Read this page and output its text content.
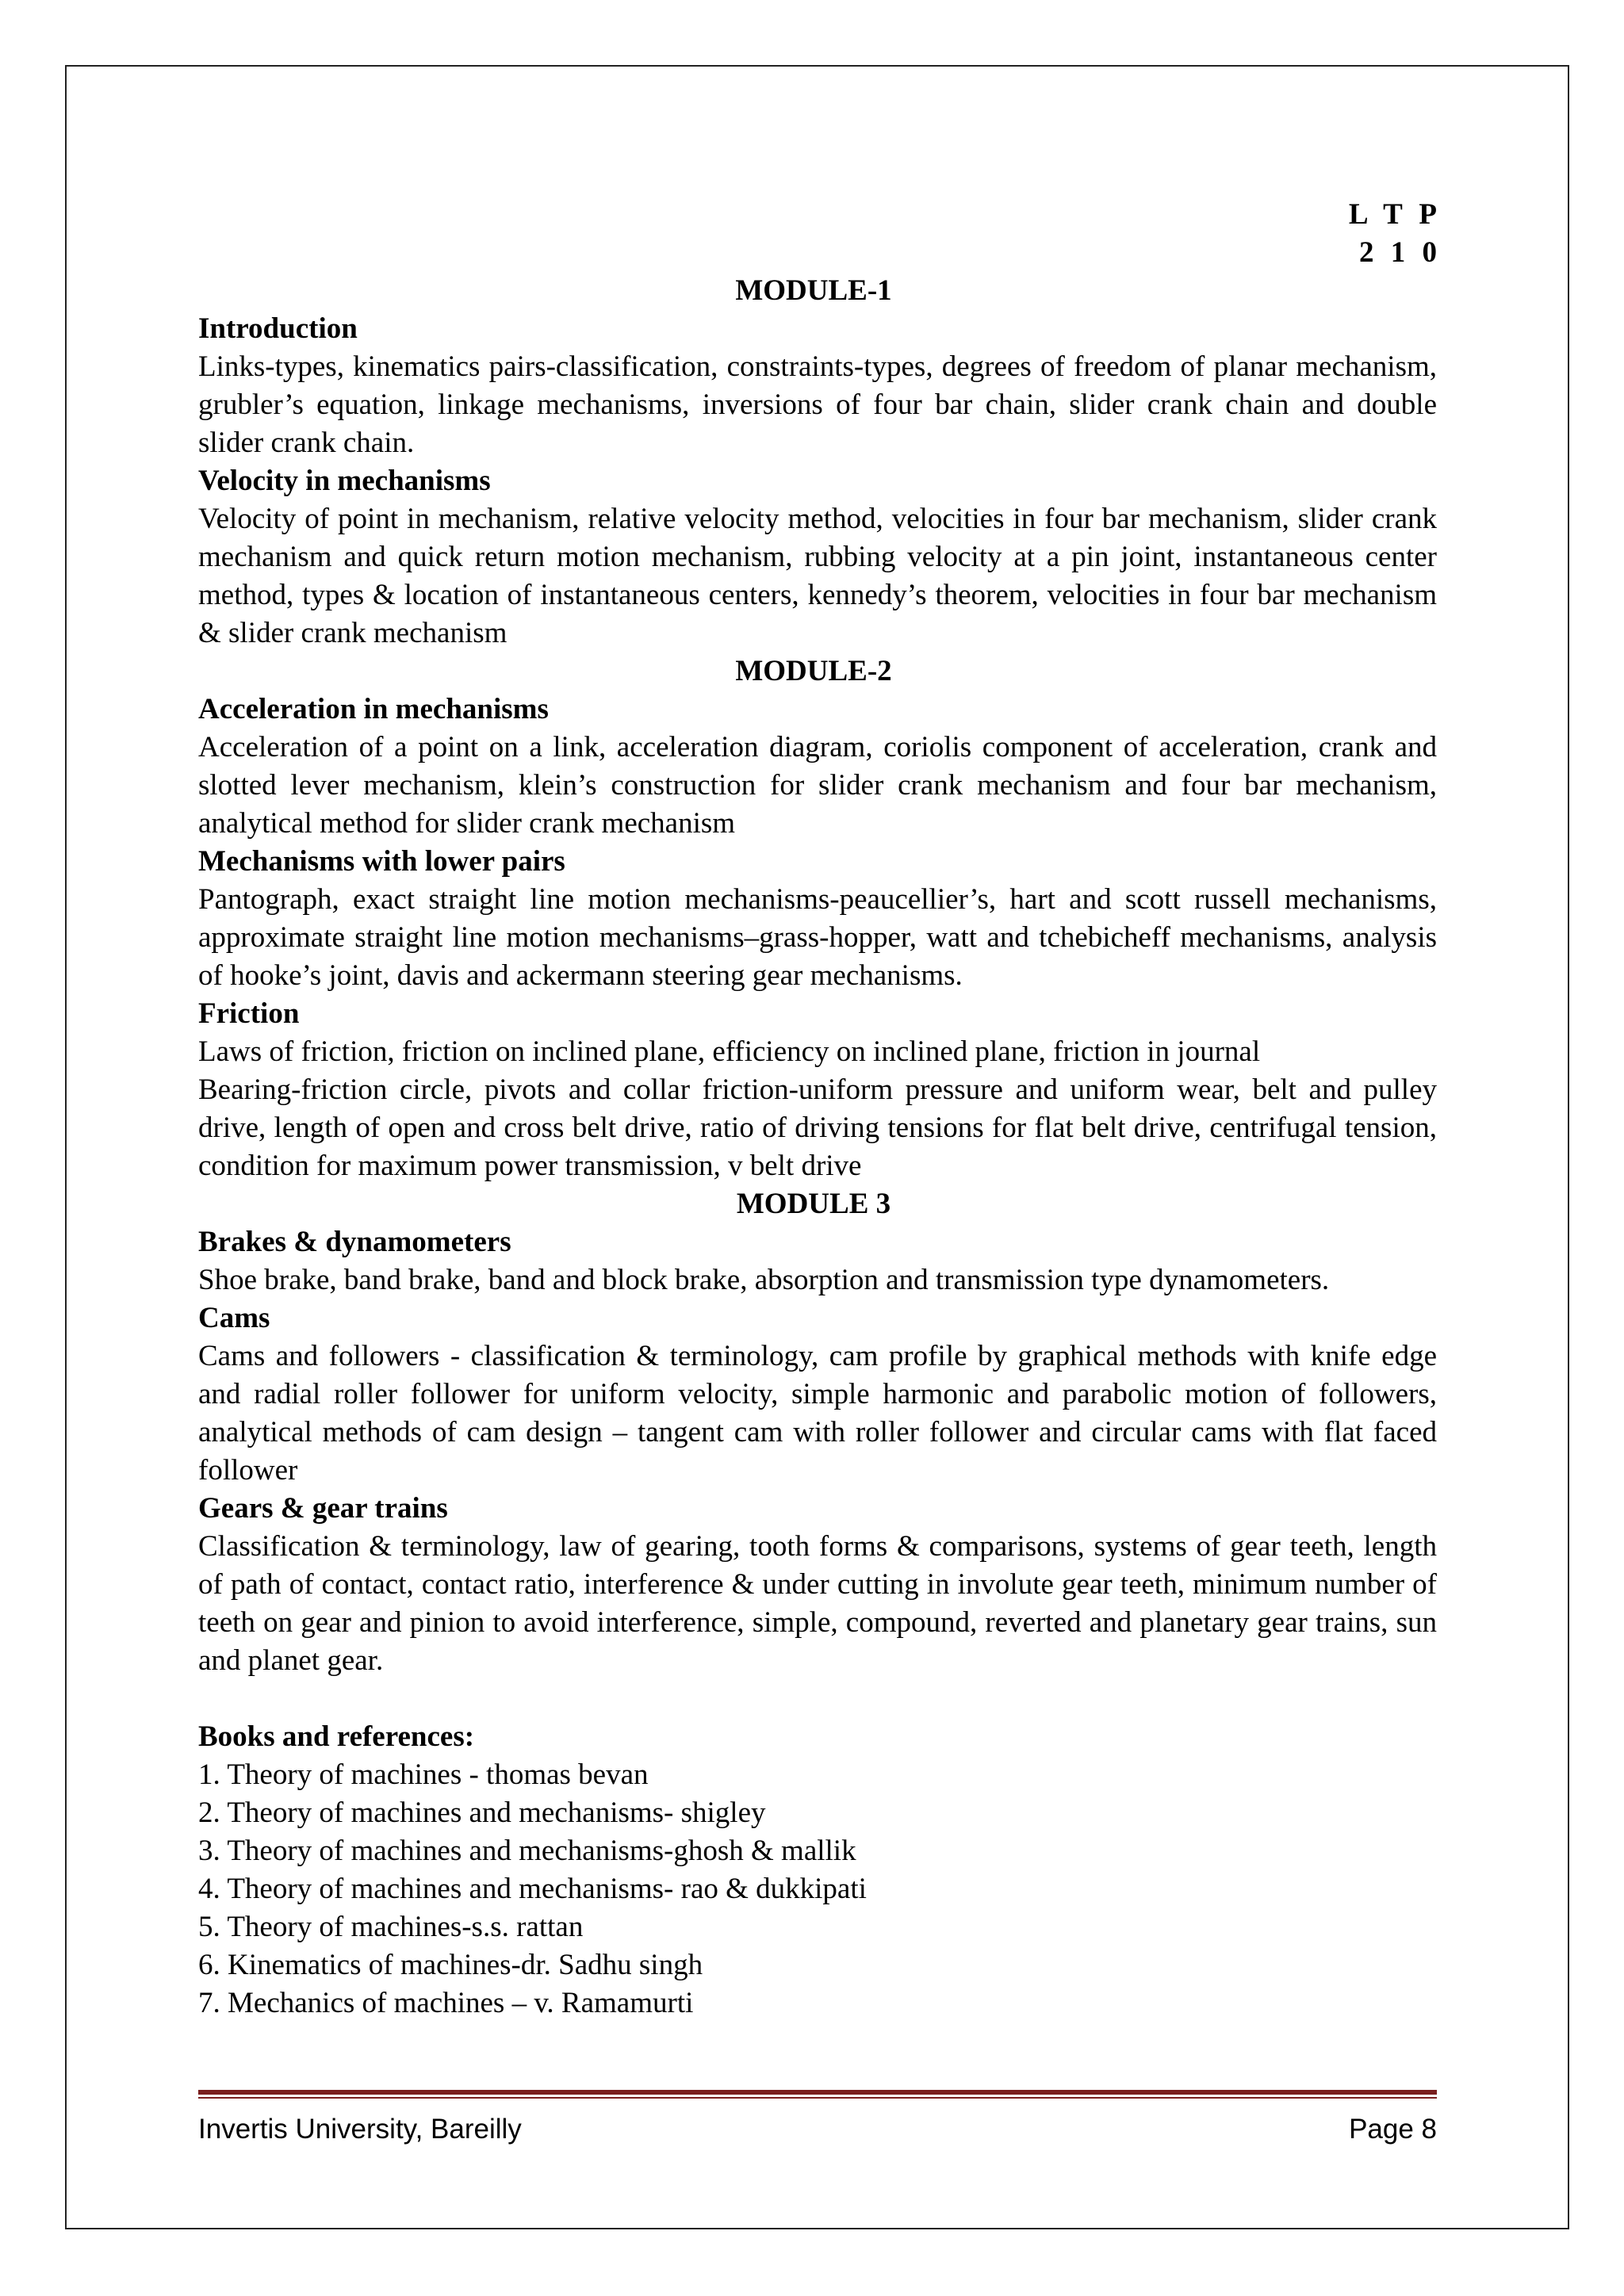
L T P
2 1 0
MODULE-1
Introduction
Links-types, kinematics pairs-classification, constraints-types, degrees of freedom of planar mechanism, grubler’s equation, linkage mechanisms, inversions of four bar chain, slider crank chain and double slider crank chain.
Velocity in mechanisms
Velocity of point in mechanism, relative velocity method, velocities in four bar mechanism, slider crank mechanism and quick return motion mechanism, rubbing velocity at a pin joint, instantaneous center method, types & location of instantaneous centers, kennedy’s theorem, velocities in four bar mechanism & slider crank mechanism
MODULE-2
Acceleration in mechanisms
Acceleration of a point on a link, acceleration diagram, coriolis component of acceleration, crank and slotted lever mechanism, klein’s construction for slider crank mechanism and four bar mechanism, analytical method for slider crank mechanism
Mechanisms with lower pairs
Pantograph, exact straight line motion mechanisms-peaucellier’s, hart and scott russell mechanisms, approximate straight line motion mechanisms–grass-hopper, watt and tchebicheff mechanisms, analysis of hooke’s joint, davis and ackermann steering gear mechanisms.
Friction
Laws of friction, friction on inclined plane, efficiency on inclined plane, friction in journal
Bearing-friction circle, pivots and collar friction-uniform pressure and uniform wear, belt and pulley drive, length of open and cross belt drive, ratio of driving tensions for flat belt drive, centrifugal tension, condition for maximum power transmission, v belt drive
MODULE 3
Brakes & dynamometers
Shoe brake, band brake, band and block brake, absorption and transmission type dynamometers.
Cams
Cams and followers - classification & terminology, cam profile by graphical methods with knife edge and radial roller follower for uniform velocity, simple harmonic and parabolic motion of followers, analytical methods of cam design – tangent cam with roller follower and circular cams with flat faced follower
Gears & gear trains
Classification & terminology, law of gearing, tooth forms & comparisons, systems of gear teeth, length of path of contact, contact ratio, interference & under cutting in involute gear teeth, minimum number of teeth on gear and pinion to avoid interference, simple, compound, reverted and planetary gear trains, sun and planet gear.
Books and references:
1. Theory of machines - thomas bevan
2. Theory of machines and mechanisms- shigley
3. Theory of machines and mechanisms-ghosh & mallik
4. Theory of machines and mechanisms- rao & dukkipati
5. Theory of machines-s.s. rattan
6. Kinematics of machines-dr. Sadhu singh
7. Mechanics of machines – v. Ramamurti
Invertis University, Bareilly	Page 8
